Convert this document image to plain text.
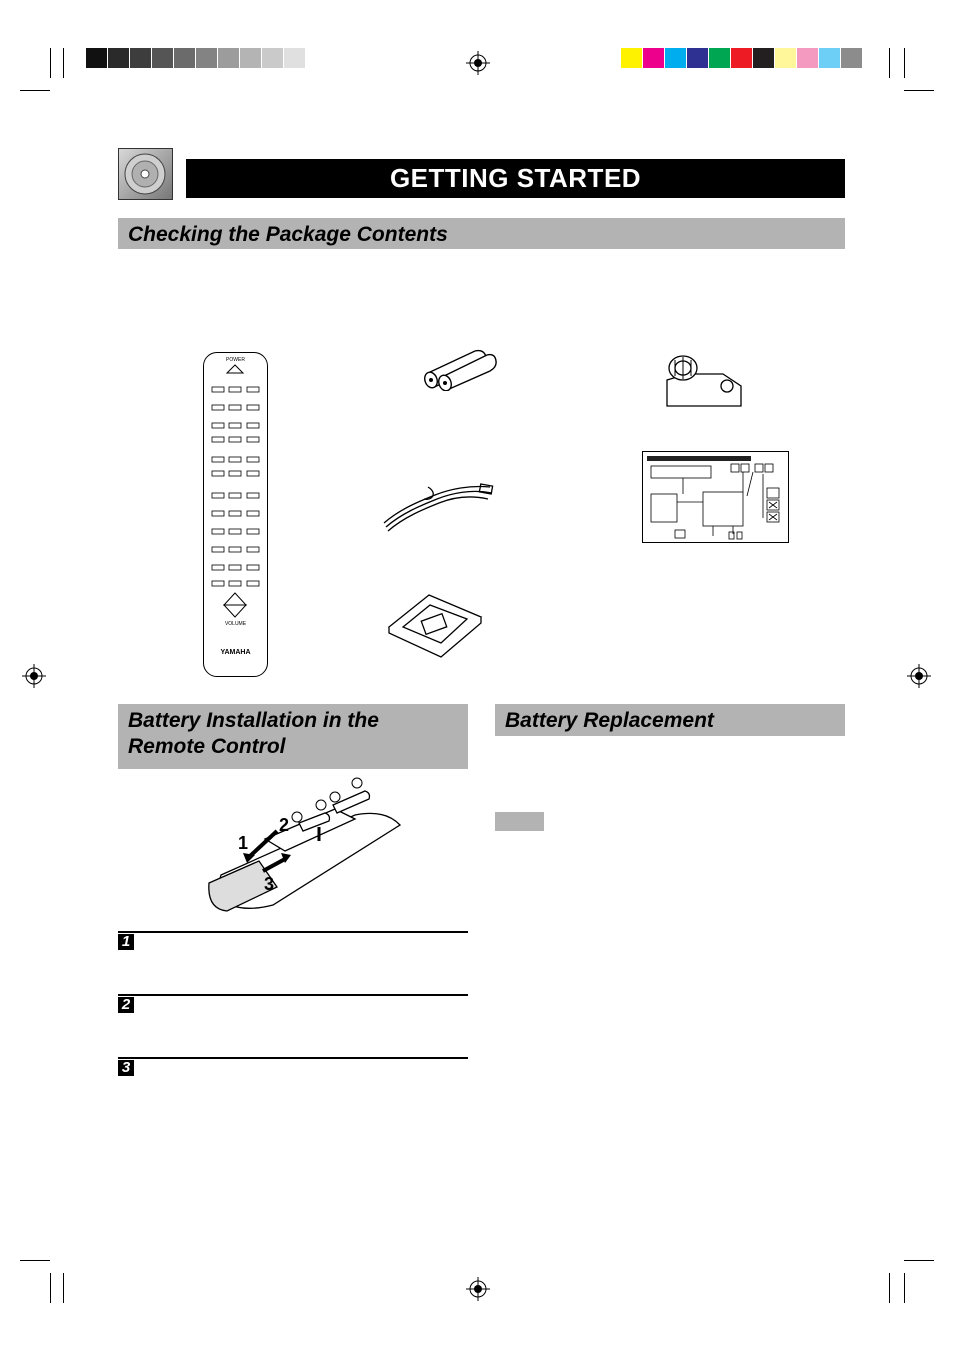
GETTING STARTED
Checking the Package Contents
POWER
VOLUME
YAMAHA
Battery Installation in the Remote Control
1
2
3
1
2
3
Battery Replacement
